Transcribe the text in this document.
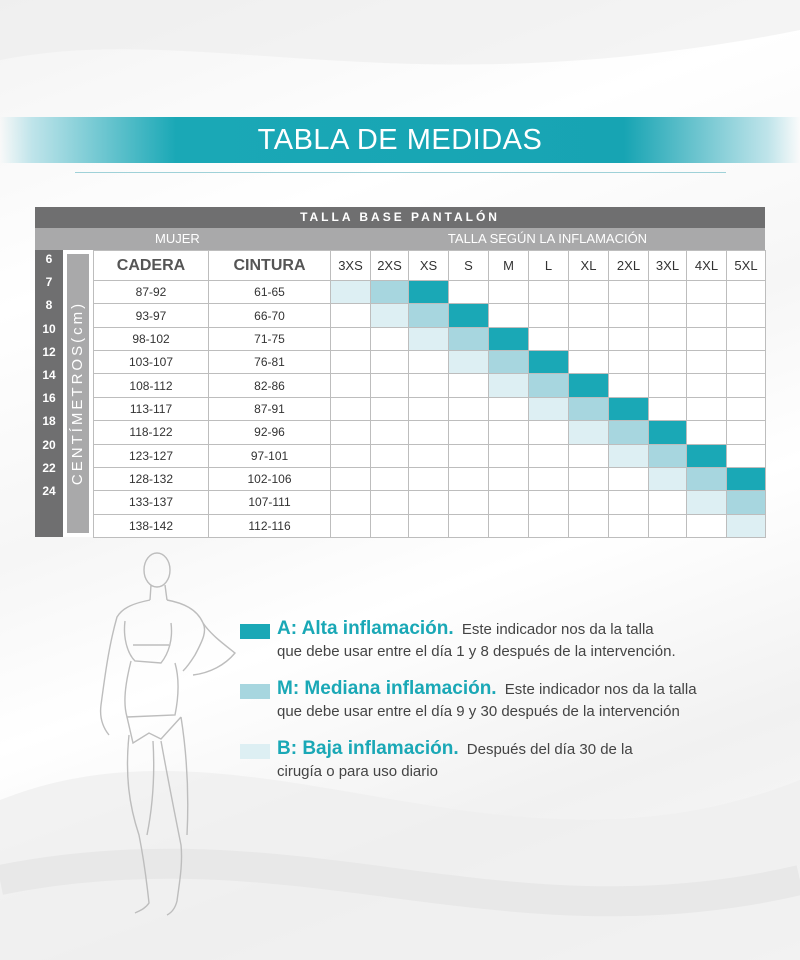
TABLA DE MEDIDAS
TALLA BASE PANTALÓN
MUJER	TALLA SEGÚN LA INFLAMACIÓN
6
7
8
10
12
14
16
18
20
22
24
CENTÍMETROS(cm)
CADERA	CINTURA	3XS	2XS	XS	S	M	L	XL	2XL	3XL	4XL	5XL
87-92	61-65											
93-97	66-70											
98-102	71-75											
103-107	76-81											
108-112	82-86											
113-117	87-91											
118-122	92-96											
123-127	97-101											
128-132	102-106											
133-137	107-111											
138-142	112-116											
A: Alta inflamación. Este indicador nos da la talla
que debe usar entre el día 1 y 8 después de la intervención.
M: Mediana inflamación. Este indicador nos da la talla
que debe usar entre el día 9 y 30 después de la intervención
B: Baja inflamación. Después del día 30 de la
cirugía o para uso diario
